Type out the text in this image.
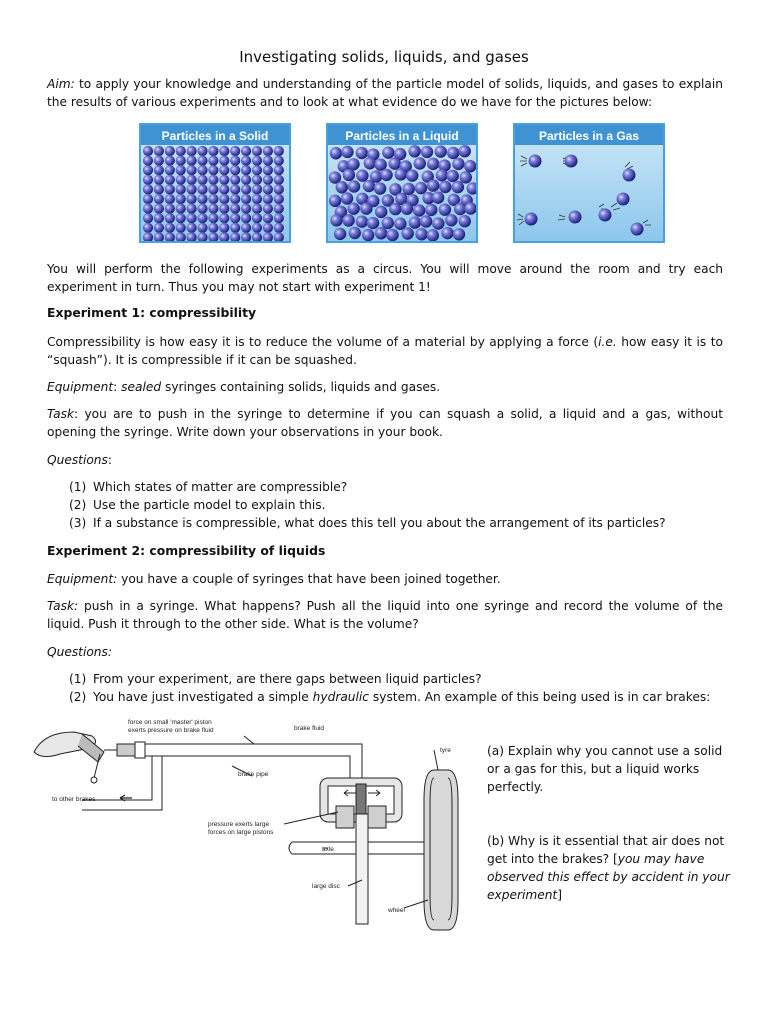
Investigating solids, liquids, and gases
Aim: to apply your knowledge and understanding of the particle model of solids, liquids, and gases to explain the results of various experiments and to look at what evidence do we have for the pictures below:
Particles in a Solid	Particles in a Liquid	Particles in a Gas
You will perform the following experiments as a circus. You will move around the room and try each experiment in turn. Thus you may not start with experiment 1!
Experiment 1: compressibility
Compressibility is how easy it is to reduce the volume of a material by applying a force (i.e. how easy it is to “squash”). It is compressible if it can be squashed.
Equipment: sealed syringes containing solids, liquids and gases.
Task: you are to push in the syringe to determine if you can squash a solid, a liquid and a gas, without opening the syringe. Write down your observations in your book.
Questions:
(1) Which states of matter are compressible?
(2) Use the particle model to explain this.
(3) If a substance is compressible, what does this tell you about the arrangement of its particles?
Experiment 2: compressibility of liquids
Equipment: you have a couple of syringes that have been joined together.
Task: push in a syringe. What happens? Push all the liquid into one syringe and record the volume of the liquid. Push it through to the other side. What is the volume?
Questions:
(1) From your experiment, are there gaps between liquid particles?
(2) You have just investigated a simple hydraulic system. An example of this being used is in car brakes:
force on small 'master' piston
exerts pressure on brake fluid	brake fluid
tyre
brake pipe
to other brakes
pressure exerts large
forces on large pistons
axle
large disc
wheel
(a) Explain why you cannot use a solid or a gas for this, but a liquid works perfectly.
(b) Why is it essential that air does not get into the brakes? [you may have observed this effect by accident in your experiment]
